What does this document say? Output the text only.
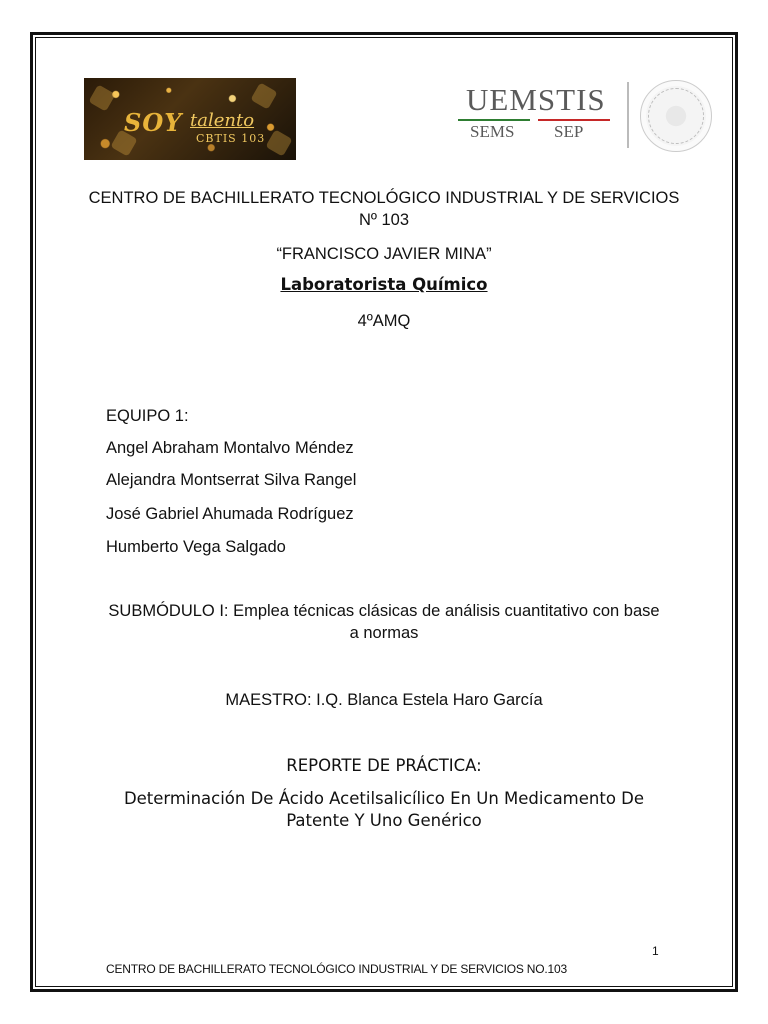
SOY talento
CBTIS 103
UEMSTIS
SEMS SEP
CENTRO DE BACHILLERATO TECNOLÓGICO INDUSTRIAL Y DE SERVICIOS Nº 103
“FRANCISCO JAVIER MINA”
Laboratorista Químico
4ºAMQ
EQUIPO 1:
Angel Abraham Montalvo Méndez
Alejandra Montserrat Silva Rangel
José Gabriel Ahumada Rodríguez
Humberto Vega Salgado
SUBMÓDULO I: Emplea técnicas clásicas de análisis cuantitativo con base a normas
MAESTRO: I.Q. Blanca Estela Haro García
REPORTE DE PRÁCTICA:
Determinación De Ácido Acetilsalicílico En Un Medicamento De Patente Y Uno Genérico
1
CENTRO DE BACHILLERATO TECNOLÓGICO INDUSTRIAL Y DE SERVICIOS NO.103
